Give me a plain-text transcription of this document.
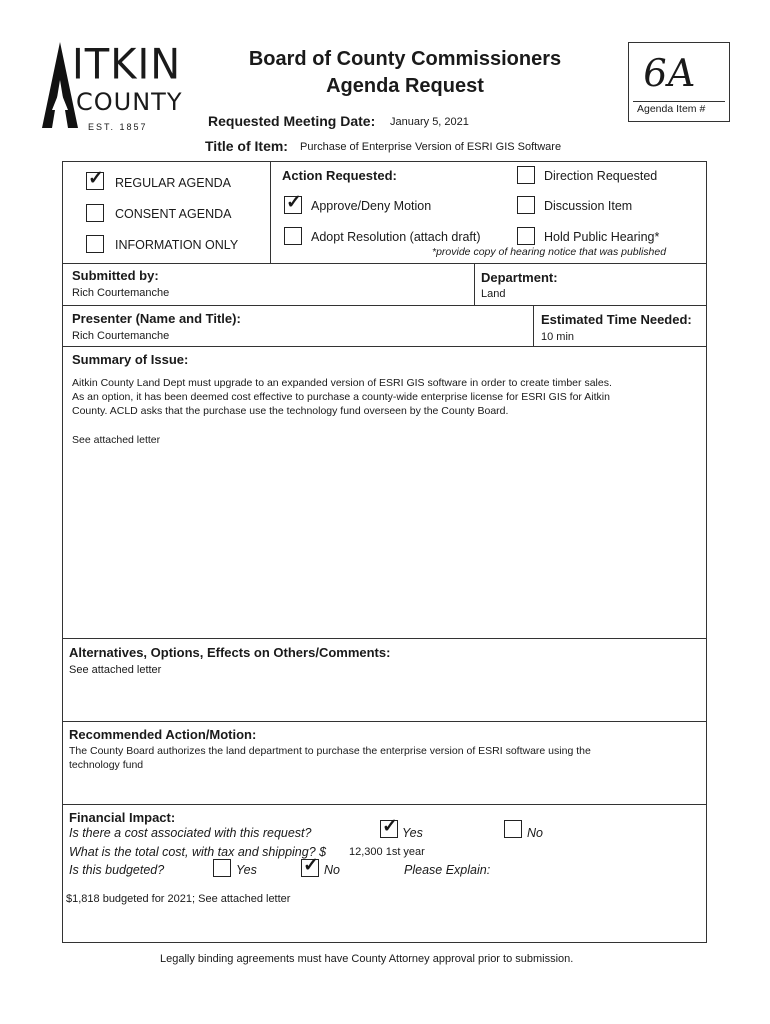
ITKIN
COUNTY
EST. 1857
Board of County Commissioners
Agenda Request	6A
Agenda Item #
Requested Meeting Date: January 5, 2021
Title of Item: Purchase of Enterprise Version of ESRI GIS Software
✓ REGULAR AGENDA
CONSENT AGENDA
INFORMATION ONLY
Action Requested:
✓ Approve/Deny Motion
Adopt Resolution (attach draft)
Direction Requested
Discussion Item
Hold Public Hearing*
*provide copy of hearing notice that was published
Submitted by:
Rich Courtemanche
Department:
Land
Presenter (Name and Title):
Rich Courtemanche
Estimated Time Needed:
10 min
Summary of Issue:
Aitkin County Land Dept must upgrade to an expanded version of ESRI GIS software in order to create timber sales.
As an option, it has been deemed cost effective to purchase a county-wide enterprise license for ESRI GIS for Aitkin
County. ACLD asks that the purchase use the technology fund overseen by the County Board.
See attached letter
Alternatives, Options, Effects on Others/Comments:
See attached letter
Recommended Action/Motion:
The County Board authorizes the land department to purchase the enterprise version of ESRI software using the
technology fund
Financial Impact:
Is there a cost associated with this request?	✓ Yes	No
What is the total cost, with tax and shipping? $ 12,300 1st year
Is this budgeted?	Yes ✓ No	Please Explain:
$1,818 budgeted for 2021; See attached letter
Legally binding agreements must have County Attorney approval prior to submission.
